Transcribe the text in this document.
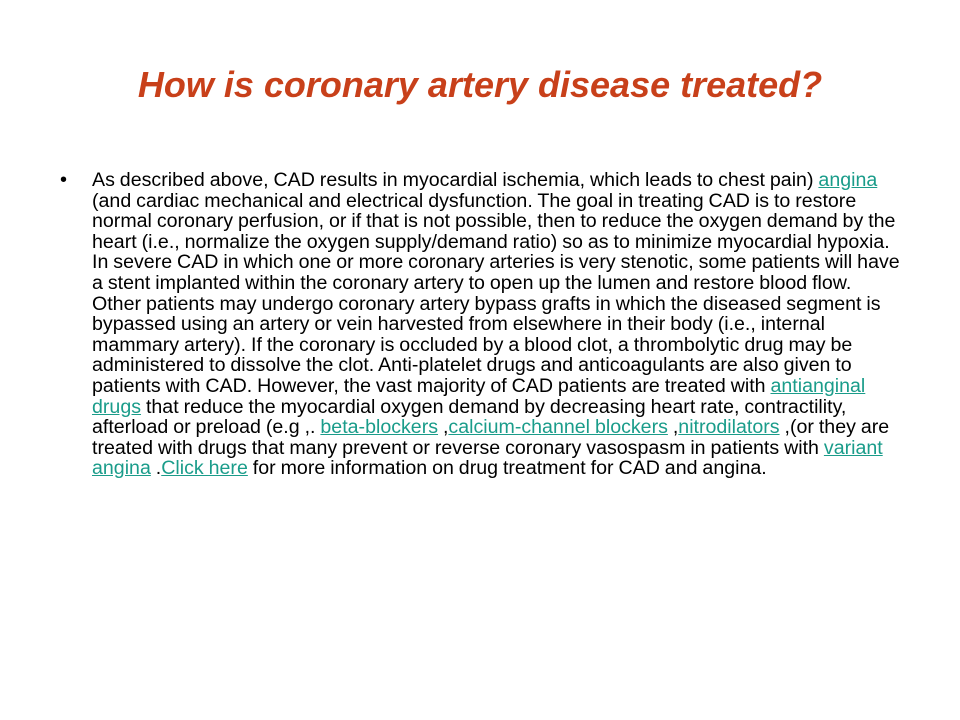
How is coronary artery disease treated?
•	As described above, CAD results in myocardial ischemia, which leads to chest pain) angina (and cardiac mechanical and electrical dysfunction. The goal in treating CAD is to restore normal coronary perfusion, or if that is not possible, then to reduce the oxygen demand by the heart (i.e., normalize the oxygen supply/demand ratio) so as to minimize myocardial hypoxia. In severe CAD in which one or more coronary arteries is very stenotic, some patients will have a stent implanted within the coronary artery to open up the lumen and restore blood flow. Other patients may undergo coronary artery bypass grafts in which the diseased segment is bypassed using an artery or vein harvested from elsewhere in their body (i.e., internal mammary artery). If the coronary is occluded by a blood clot, a thrombolytic drug may be administered to dissolve the clot. Anti-platelet drugs and anticoagulants are also given to patients with CAD. However, the vast majority of CAD patients are treated with antianginal drugs that reduce the myocardial oxygen demand by decreasing heart rate, contractility, afterload or preload (e.g ,. beta-blockers ,calcium-channel blockers ,nitrodilators ,(or they are treated with drugs that many prevent or reverse coronary vasospasm in patients with variant angina .Click here for more information on drug treatment for CAD and angina.
